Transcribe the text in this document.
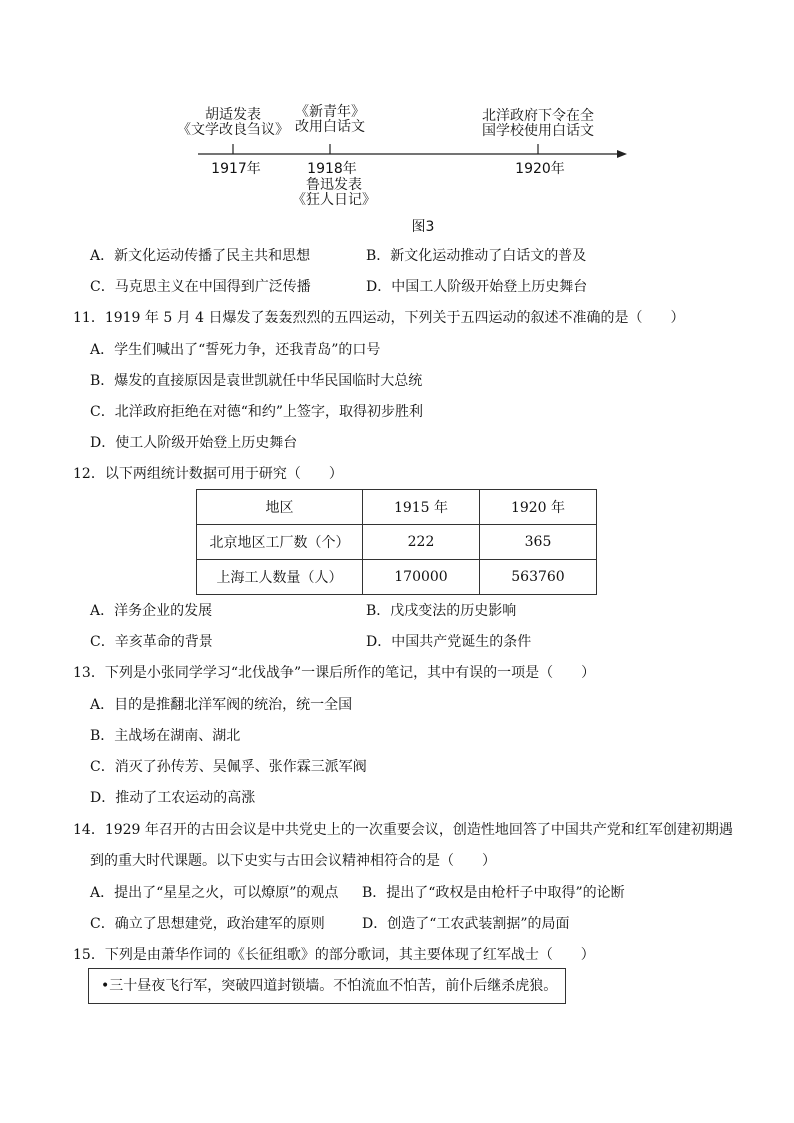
胡适发表
《文学改良刍议》
《新青年》
改用白话文
北洋政府下令在全
国学校使用白话文
1917年	1918年	1920年
鲁迅发表
《狂人日记》
图3
A．新文化运动传播了民主共和思想	B．新文化运动推动了白话文的普及
C．马克思主义在中国得到广泛传播	D．中国工人阶级开始登上历史舞台
11．1919 年 5 月 4 日爆发了轰轰烈烈的五四运动，下列关于五四运动的叙述不准确的是（　　）
A．学生们喊出了“誓死力争，还我青岛”的口号
B．爆发的直接原因是袁世凯就任中华民国临时大总统
C．北洋政府拒绝在对德“和约”上签字，取得初步胜利
D．使工人阶级开始登上历史舞台
12．以下两组统计数据可用于研究（　　）
地区	1915 年	1920 年
北京地区工厂数（个）	222	365
上海工人数量（人）	170000	563760
A．洋务企业的发展	B．戊戌变法的历史影响
C．辛亥革命的背景	D．中国共产党诞生的条件
13．下列是小张同学学习“北伐战争”一课后所作的笔记，其中有误的一项是（　　）
A．目的是推翻北洋军阀的统治，统一全国
B．主战场在湖南、湖北
C．消灭了孙传芳、吴佩孚、张作霖三派军阀
D．推动了工农运动的高涨
14．1929 年召开的古田会议是中共党史上的一次重要会议，创造性地回答了中国共产党和红军创建初期遇
到的重大时代课题。以下史实与古田会议精神相符合的是（　　）
A．提出了“星星之火，可以燎原”的观点 B．提出了“政权是由枪杆子中取得”的论断
C．确立了思想建党，政治建军的原则	D．创造了“工农武装割据”的局面
15．下列是由萧华作词的《长征组歌》的部分歌词，其主要体现了红军战士（　　）
•三十昼夜飞行军，突破四道封锁墙。不怕流血不怕苦，前仆后继杀虎狼。
